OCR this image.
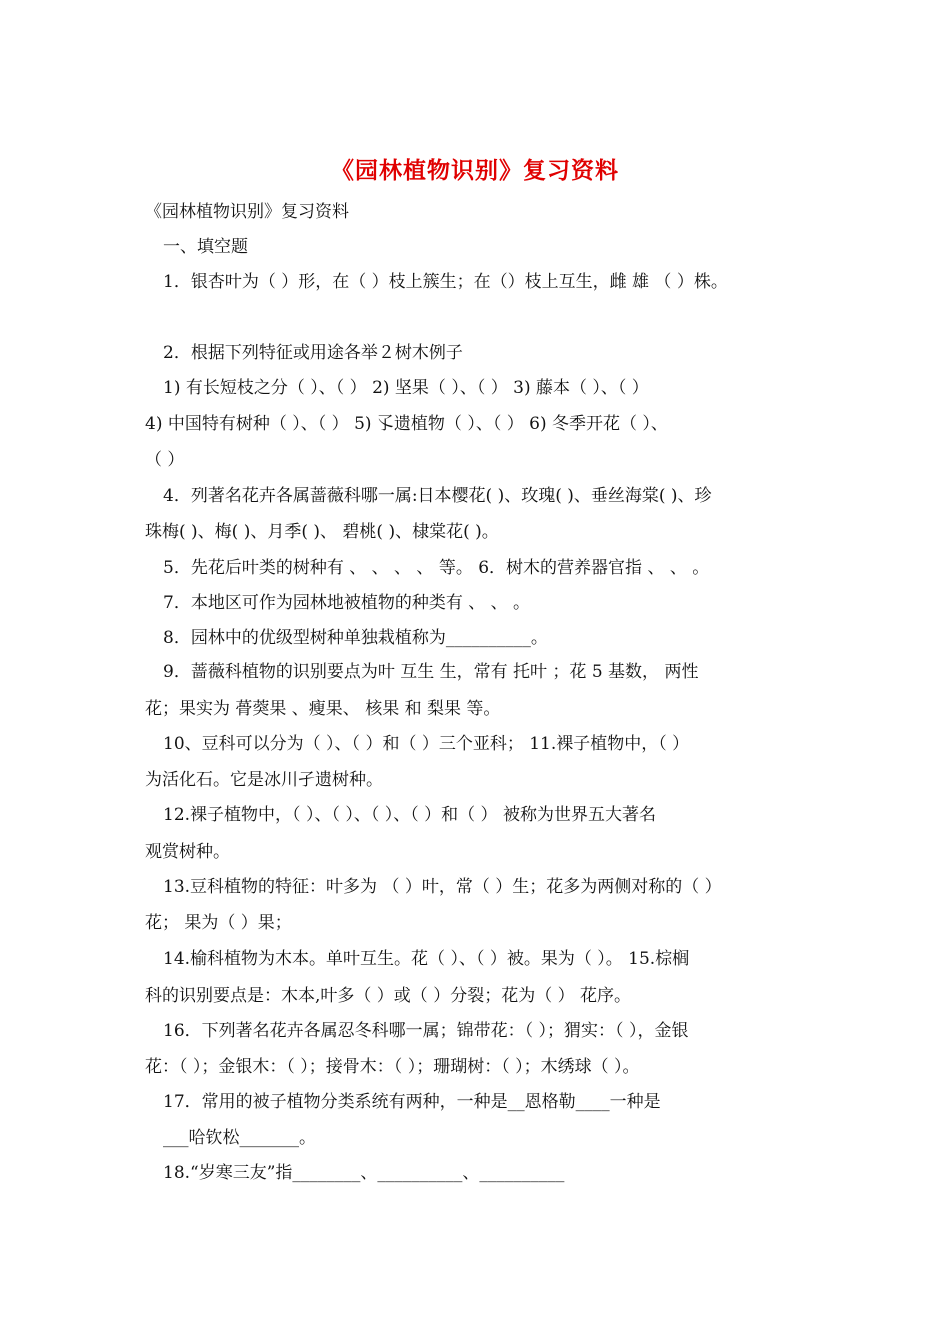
《园林植物识别》复习资料
《园林植物识别》复习资料
一、填空题
1．银杏叶为（ ）形，在（ ）枝上簇生；在（）枝上互生，雌 雄 （ ）株。
2．根据下列特征或用途各举２树木例子
1) 有长短枝之分（ ）、（ ） 2) 坚果（ ）、（ ） 3) 藤本（ ）、（ ）
4) 中国特有树种（ ）、（ ） 5) 孓遗植物（ ）、（ ） 6) 冬季开花（ ）、
（ ）
4．列著名花卉各属蔷薇科哪一属:日本樱花( )、玫瑰( )、垂丝海棠( )、珍
珠梅( )、梅( )、月季( )、 碧桃( )、棣棠花( )。
5．先花后叶类的树种有 、 、 、 、 等。 6．树木的营养器官指 、 、 。
7．本地区可作为园林地被植物的种类有 、 、 。
8．园林中的优级型树种单独栽植称为__________。
9．蔷薇科植物的识别要点为叶 互生 生，常有 托叶 ；花 5 基数， 两性
花；果实为 蓇葖果 、瘦果、 核果 和 梨果 等。
10、豆科可以分为（ ）、（ ）和（ ）三个亚科； 11.裸子植物中，（ ）
为活化石。它是冰川孑遗树种。
12.裸子植物中，（ ）、（ ）、（ ）、（ ）和（ ） 被称为世界五大著名
观赏树种。
13.豆科植物的特征：叶多为 （ ）叶，常（ ）生；花多为两侧对称的（ ）
花； 果为（ ）果；
14.榆科植物为木本。单叶互生。花（ ）、（ ）被。果为（ ）。 15.棕榈
科的识别要点是：木本,叶多（ ）或（ ）分裂；花为（ ） 花序。
16．下列著名花卉各属忍冬科哪一属；锦带花：（ ）；猬实：（ ），金银
花：（ ）；金银木：（ ）；接骨木：（ ）；珊瑚树：（ ）；木绣球（ ）。
17．常用的被子植物分类系统有两种，一种是__恩格勒____一种是
___哈钦松_______。
18.“岁寒三友”指________、__________、__________
